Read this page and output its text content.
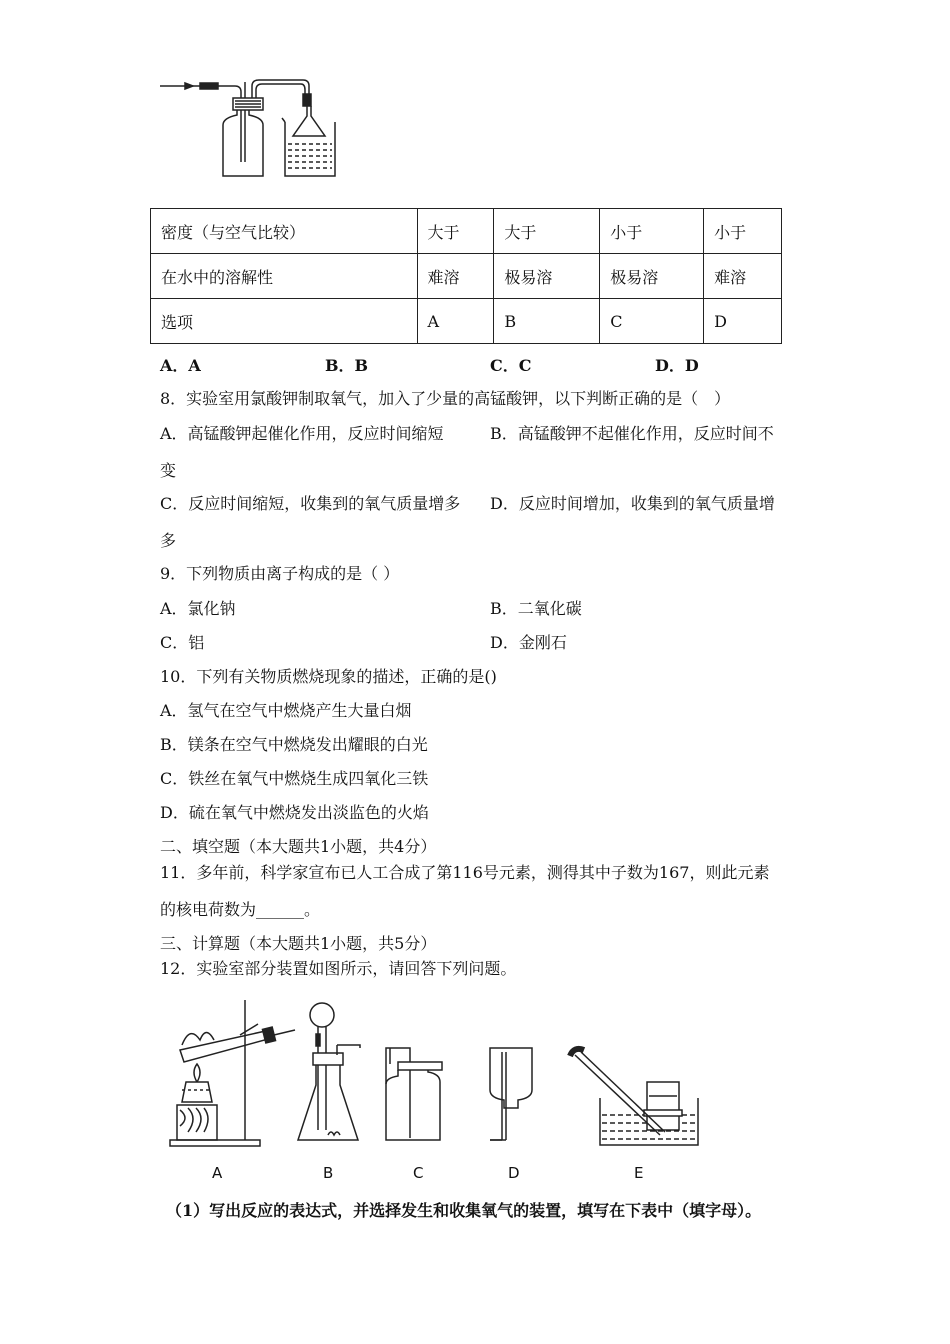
密度（与空气比较）	大于	大于	小于	小于
在水中的溶解性	难溶	极易溶	极易溶	难溶
选项	A	B	C	D
A．A	B．B	C．C	D．D
8．实验室用氯酸钾制取氧气，加入了少量的高锰酸钾，以下判断正确的是（　）
A．高锰酸钾起催化作用，反应时间缩短	B．高锰酸钾不起催化作用，反应时间不
变
C．反应时间缩短，收集到的氧气质量增多 D．反应时间增加，收集到的氧气质量增
多
9．下列物质由离子构成的是（ ）
A．氯化钠	B．二氧化碳
C．铝	D．金刚石
10．下列有关物质燃烧现象的描述，正确的是()
A．氢气在空气中燃烧产生大量白烟
B．镁条在空气中燃烧发出耀眼的白光
C．铁丝在氧气中燃烧生成四氧化三铁
D．硫在氧气中燃烧发出淡监色的火焰
二、填空题（本大题共1小题，共4分）
11．多年前，科学家宣布已人工合成了第116号元素，测得其中子数为167，则此元素
的核电荷数为______。
三、计算题（本大题共1小题，共5分）
12．实验室部分装置如图所示，请回答下列问题。
A	B	C	D	E
（1）写出反应的表达式，并选择发生和收集氧气的装置，填写在下表中（填字母）。
